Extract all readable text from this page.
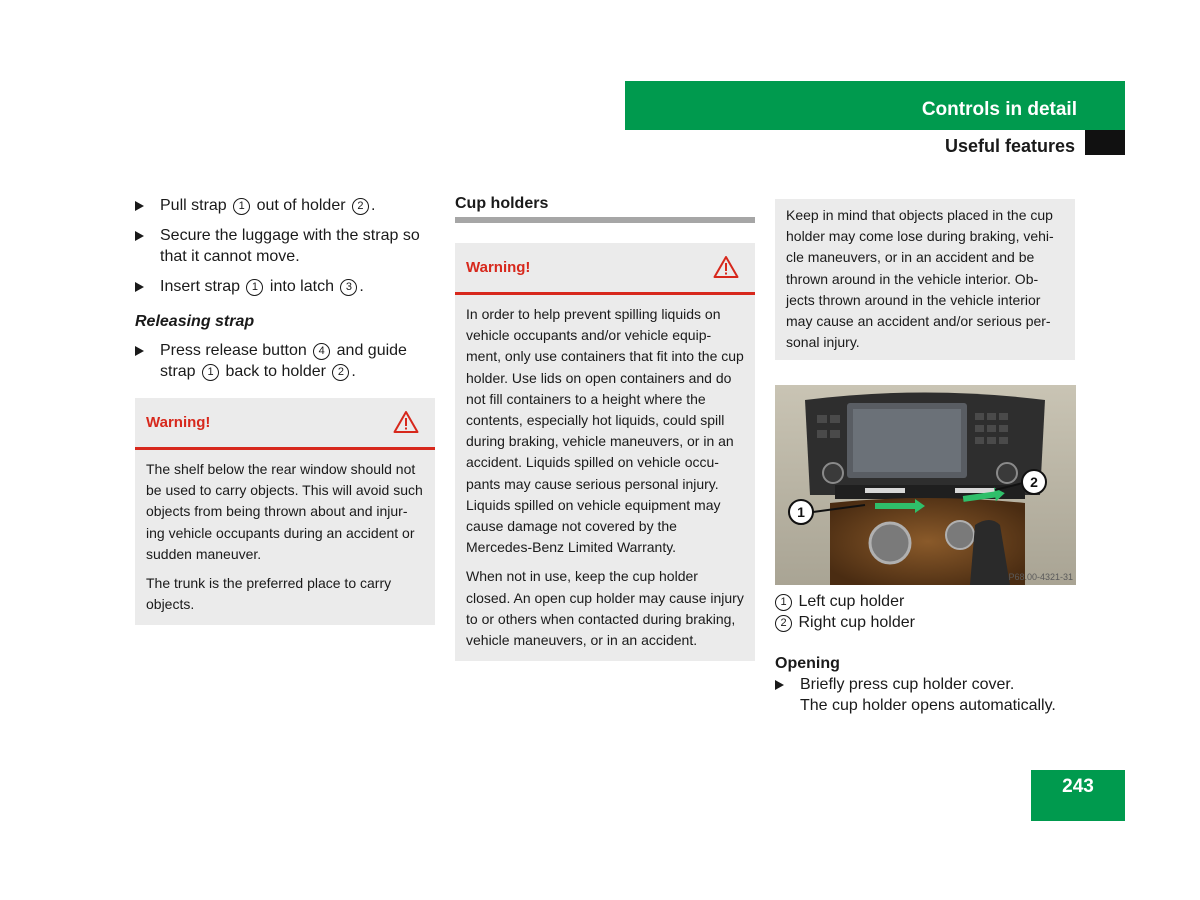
Controls in detail
Useful features
Pull strap 1 out of holder 2 .
Secure the luggage with the strap so that it cannot move.
Insert strap 1 into latch 3 .
Releasing strap
Press release button 4 and guide strap 1 back to holder 2 .
Warning!

The shelf below the rear window should not be used to carry objects. This will avoid such objects from being thrown about and injur-ing vehicle occupants during an accident or sudden maneuver.

The trunk is the preferred place to carry objects.

Cup holders
Warning!

In order to help prevent spilling liquids on vehicle occupants and/or vehicle equip-ment, only use containers that fit into the cup holder. Use lids on open containers and do not fill containers to a height where the contents, especially hot liquids, could spill during braking, vehicle maneuvers, or in an accident. Liquids spilled on vehicle occu-pants may cause serious personal injury. Liquids spilled on vehicle equipment may cause damage not covered by the Mercedes-Benz Limited Warranty.

When not in use, keep the cup holder closed. An open cup holder may cause injury to or others when contacted during braking, vehicle maneuvers, or in an accident.

Keep in mind that objects placed in the cup holder may come lose during braking, vehi-cle maneuvers, or in an accident and be thrown around in the vehicle interior. Ob-jects thrown around in the vehicle interior may cause an accident and/or serious per-sonal injury.
1
2
P68.00-4321-31
1 Left cup holder
2 Right cup holder
Opening
Briefly press cup holder cover.
The cup holder opens automatically.
243
